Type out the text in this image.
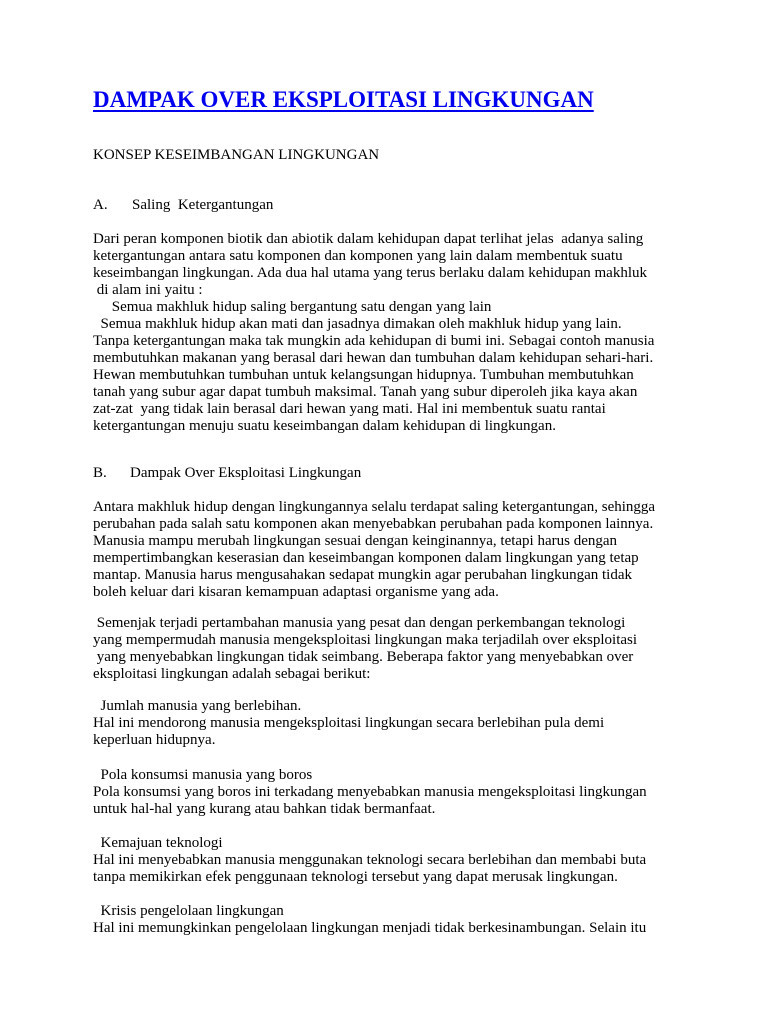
DAMPAK OVER EKSPLOITASI LINGKUNGAN

KONSEP KESEIMBANGAN LINGKUNGAN

A. Saling  Ketergantungan

Dari peran komponen biotik dan abiotik dalam kehidupan dapat terlihat jelas  adanya saling

ketergantungan antara satu komponen dan komponen yang lain dalam membentuk suatu

keseimbangan lingkungan. Ada dua hal utama yang terus berlaku dalam kehidupan makhluk

di alam ini yaitu :

Semua makhluk hidup saling bergantung satu dengan yang lain

Semua makhluk hidup akan mati dan jasadnya dimakan oleh makhluk hidup yang lain.

Tanpa ketergantungan maka tak mungkin ada kehidupan di bumi ini. Sebagai contoh manusia

membutuhkan makanan yang berasal dari hewan dan tumbuhan dalam kehidupan sehari-hari.

Hewan membutuhkan tumbuhan untuk kelangsungan hidupnya. Tumbuhan membutuhkan

tanah yang subur agar dapat tumbuh maksimal. Tanah yang subur diperoleh jika kaya akan

zat-zat  yang tidak lain berasal dari hewan yang mati. Hal ini membentuk suatu rantai

ketergantungan menuju suatu keseimbangan dalam kehidupan di lingkungan.

B. Dampak Over Eksploitasi Lingkungan

Antara makhluk hidup dengan lingkungannya selalu terdapat saling ketergantungan, sehingga

perubahan pada salah satu komponen akan menyebabkan perubahan pada komponen lainnya.

Manusia mampu merubah lingkungan sesuai dengan keinginannya, tetapi harus dengan

mempertimbangkan keserasian dan keseimbangan komponen dalam lingkungan yang tetap

mantap. Manusia harus mengusahakan sedapat mungkin agar perubahan lingkungan tidak

boleh keluar dari kisaran kemampuan adaptasi organisme yang ada.

Semenjak terjadi pertambahan manusia yang pesat dan dengan perkembangan teknologi

yang mempermudah manusia mengeksploitasi lingkungan maka terjadilah over eksploitasi

yang menyebabkan lingkungan tidak seimbang. Beberapa faktor yang menyebabkan over

eksploitasi lingkungan adalah sebagai berikut:

Jumlah manusia yang berlebihan.

Hal ini mendorong manusia mengeksploitasi lingkungan secara berlebihan pula demi

keperluan hidupnya.

Pola konsumsi manusia yang boros

Pola konsumsi yang boros ini terkadang menyebabkan manusia mengeksploitasi lingkungan

untuk hal-hal yang kurang atau bahkan tidak bermanfaat.

Kemajuan teknologi

Hal ini menyebabkan manusia menggunakan teknologi secara berlebihan dan membabi buta

tanpa memikirkan efek penggunaan teknologi tersebut yang dapat merusak lingkungan.

Krisis pengelolaan lingkungan

Hal ini memungkinkan pengelolaan lingkungan menjadi tidak berkesinambungan. Selain itu
